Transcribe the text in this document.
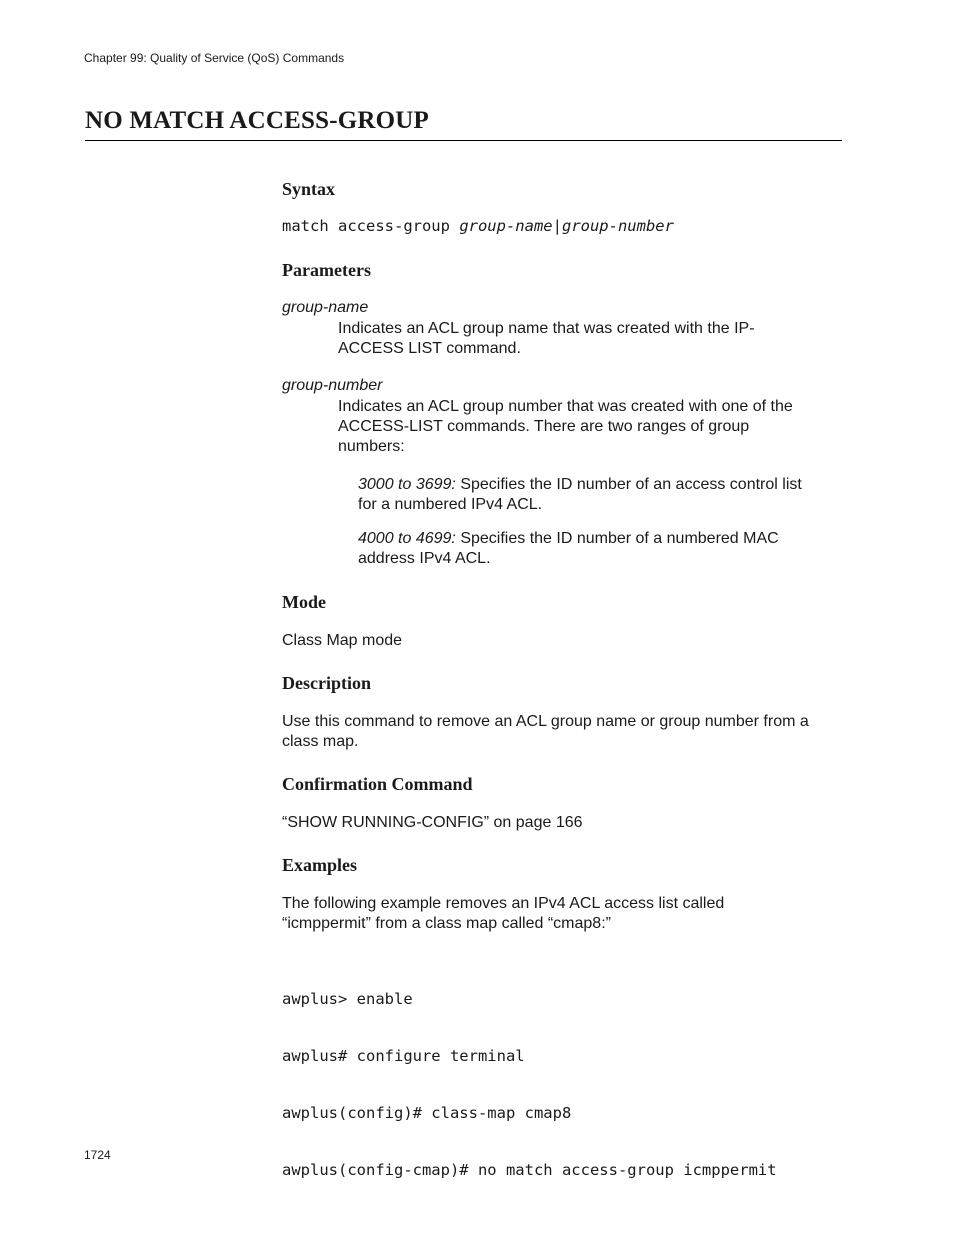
Chapter 99: Quality of Service (QoS) Commands
NO MATCH ACCESS-GROUP
Syntax
match access-group group-name|group-number
Parameters
group-name
Indicates an ACL group name that was created with the IP-
ACCESS LIST command.
group-number
Indicates an ACL group number that was created with one of the
ACCESS-LIST commands. There are two ranges of group
numbers:
3000 to 3699: Specifies the ID number of an access control list
for a numbered IPv4 ACL.
4000 to 4699: Specifies the ID number of a numbered MAC
address IPv4 ACL.
Mode
Class Map mode
Description
Use this command to remove an ACL group name or group number from a
class map.
Confirmation Command
“SHOW RUNNING-CONFIG” on page 166
Examples
The following example removes an IPv4 ACL access list called
“icmppermit” from a class map called “cmap8:”

awplus> enable

awplus# configure terminal

awplus(config)# class-map cmap8

awplus(config-cmap)# no match access-group icmppermit

1724
